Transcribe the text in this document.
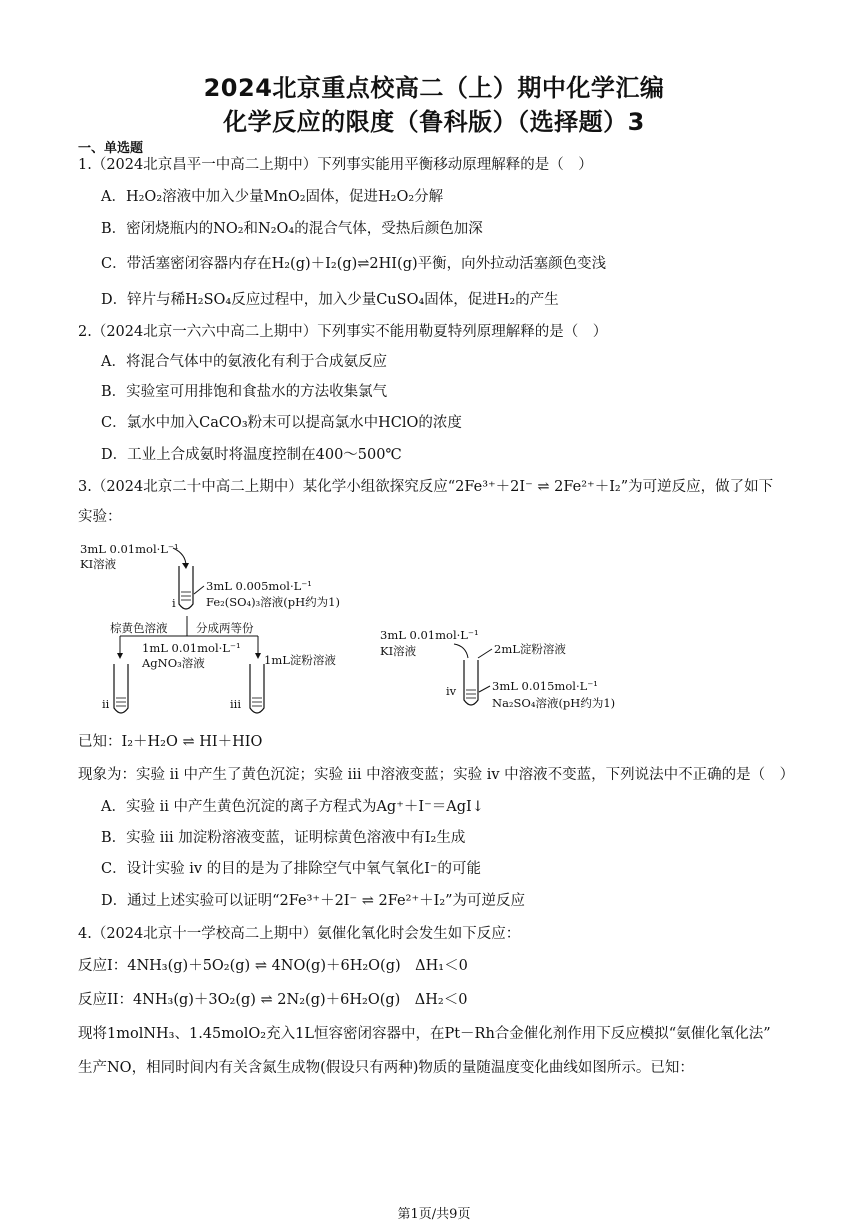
2024北京重点校高二（上）期中化学汇编
化学反应的限度（鲁科版）（选择题）3
一、单选题
1.（2024北京昌平一中高二上期中）下列事实能用平衡移动原理解释的是（　）
A．H₂O₂溶液中加入少量MnO₂固体，促进H₂O₂分解
B．密闭烧瓶内的NO₂和N₂O₄的混合气体，受热后颜色加深
C．带活塞密闭容器内存在H₂(g)＋I₂(g)⇌2HI(g)平衡，向外拉动活塞颜色变浅
D．锌片与稀H₂SO₄反应过程中，加入少量CuSO₄固体，促进H₂的产生
2.（2024北京一六六中高二上期中）下列事实不能用勒夏特列原理解释的是（　）
A．将混合气体中的氨液化有利于合成氨反应
B．实验室可用排饱和食盐水的方法收集氯气
C．氯水中加入CaCO₃粉末可以提高氯水中HClO的浓度
D．工业上合成氨时将温度控制在400～500℃
3.（2024北京二十中高二上期中）某化学小组欲探究反应“2Fe³⁺＋2I⁻ ⇌ 2Fe²⁺＋I₂”为可逆反应，做了如下
实验：
3mL 0.01mol·L⁻¹
KI溶液
i
3mL 0.005mol·L⁻¹
Fe₂(SO₄)₃溶液(pH约为1)
棕黄色溶液 分成两等份
1mL 0.01mol·L⁻¹
AgNO₃溶液	1mL淀粉溶液
ii	iii
3mL 0.01mol·L⁻¹
KI溶液	2mL淀粉溶液
iv	3mL 0.015mol·L⁻¹
Na₂SO₄溶液(pH约为1)
已知：I₂＋H₂O ⇌ HI＋HIO
现象为：实验 ii 中产生了黄色沉淀；实验 iii 中溶液变蓝；实验 iv 中溶液不变蓝，下列说法中不正确的是（　）
A．实验 ii 中产生黄色沉淀的离子方程式为Ag⁺＋I⁻＝AgI↓
B．实验 iii 加淀粉溶液变蓝，证明棕黄色溶液中有I₂生成
C．设计实验 iv 的目的是为了排除空气中氧气氧化I⁻的可能
D．通过上述实验可以证明“2Fe³⁺＋2I⁻ ⇌ 2Fe²⁺＋I₂”为可逆反应
4.（2024北京十一学校高二上期中）氨催化氧化时会发生如下反应：
反应I：4NH₃(g)＋5O₂(g) ⇌ 4NO(g)＋6H₂O(g)　ΔH₁＜0
反应II：4NH₃(g)＋3O₂(g) ⇌ 2N₂(g)＋6H₂O(g)　ΔH₂＜0
现将1molNH₃、1.45molO₂充入1L恒容密闭容器中，在Pt－Rh合金催化剂作用下反应模拟“氨催化氧化法”
生产NO，相同时间内有关含氮生成物(假设只有两种)物质的量随温度变化曲线如图所示。已知：
第1页/共9页
